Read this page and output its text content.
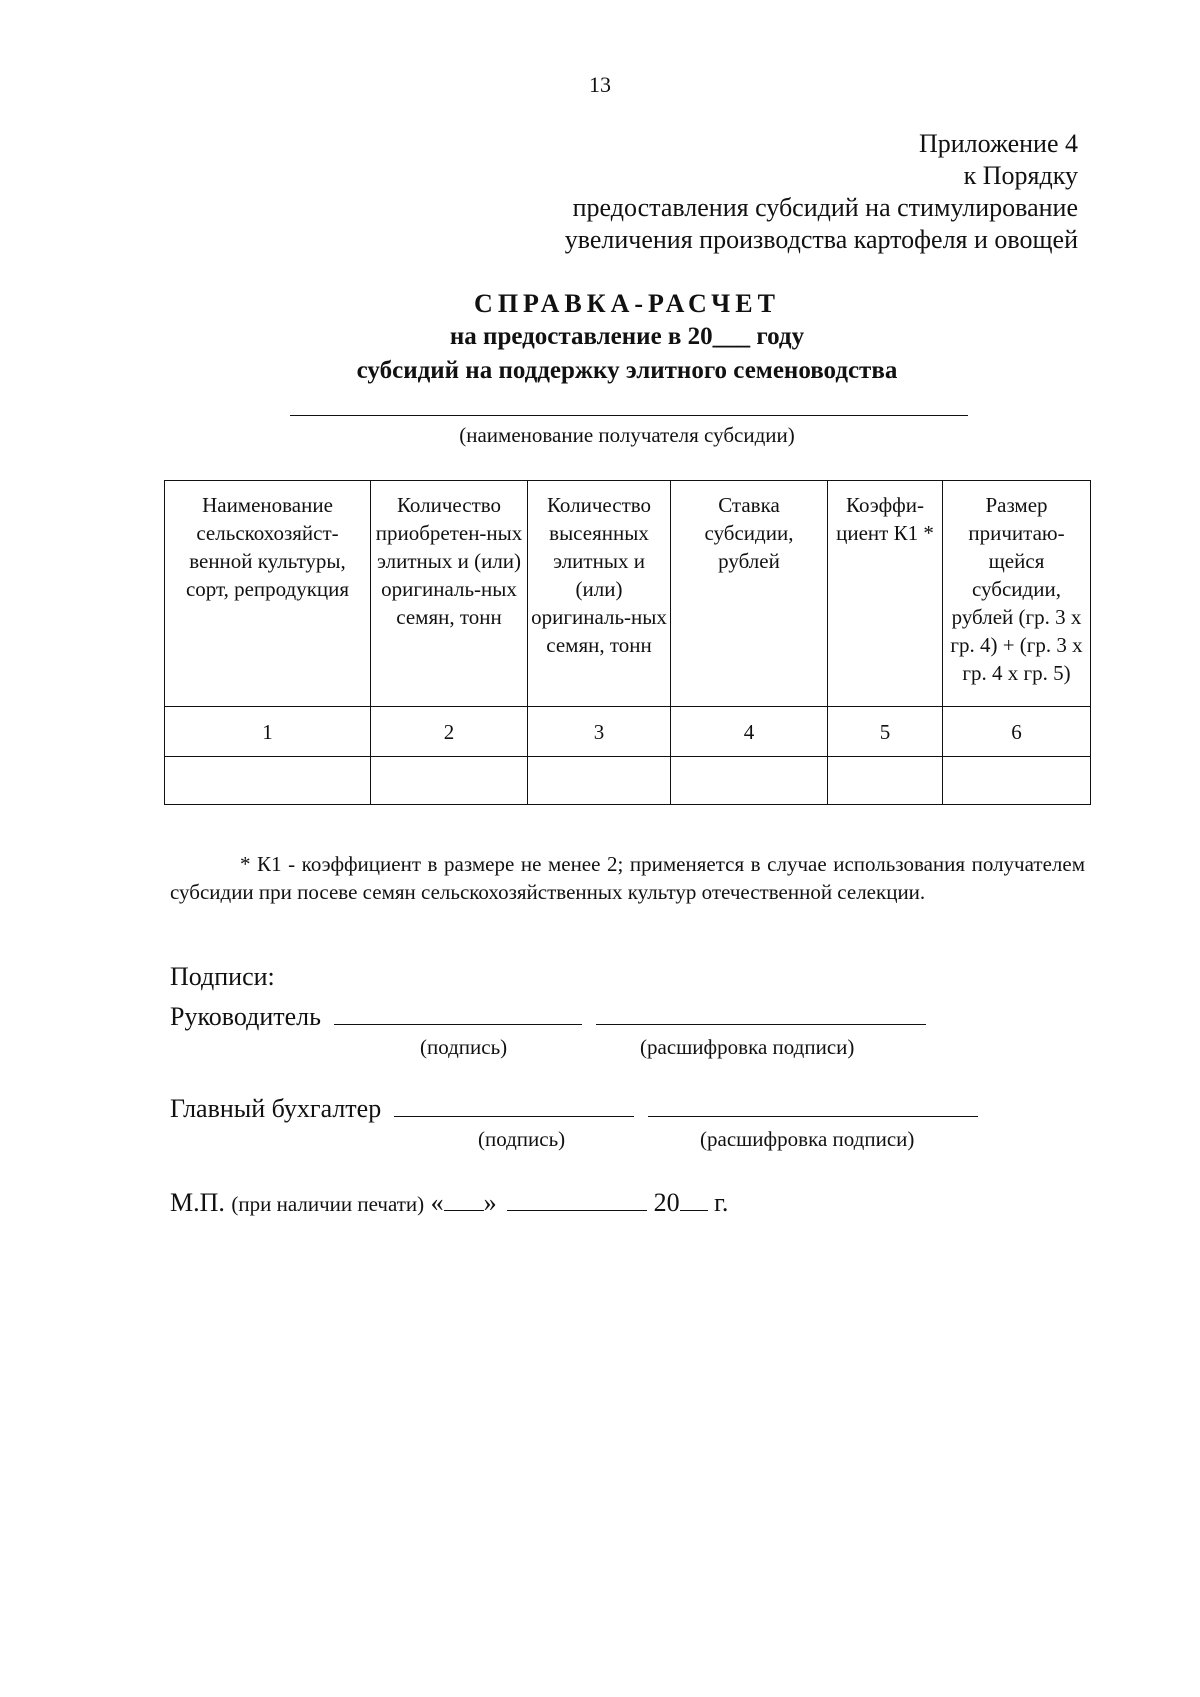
13
Приложение 4
к Порядку
предоставления субсидий на стимулирование
увеличения производства картофеля и овощей
СПРАВКА-РАСЧЕТ
на предоставление в 20___ году
субсидий на поддержку элитного семеноводства
(наименование получателя субсидии)
Наименование сельскохозяйст-венной культуры, сорт, репродукция	Количество приобретен-ных элитных и (или) оригиналь-ных семян, тонн	Количество высеянных элитных и (или) оригиналь-ных семян, тонн	Ставка субсидии, рублей	Коэффи-циент К1 *	Размер причитаю-щейся субсидии, рублей (гр. 3 х гр. 4) + (гр. 3 х гр. 4 х гр. 5)
1	2	3	4	5	6

* К1 - коэффициент в размере не менее 2; применяется в случае использования получателем субсидии при посеве семян сельскохозяйственных культур отечественной селекции.
Подписи:
Руководитель
(подпись)	(расшифровка подписи)
Главный бухгалтер
(подпись)	(расшифровка подписи)
М.П. (при наличии печати) « »	20 г.
